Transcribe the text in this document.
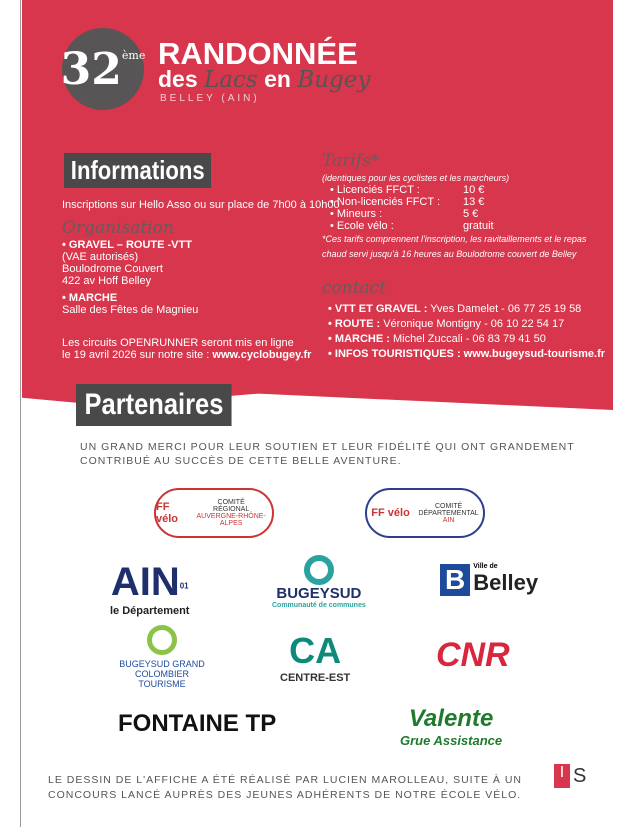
32ème RANDONNÉE
des Lacs en Bugey
BELLEY (AIN)
Informations
Inscriptions sur Hello Asso ou sur place de 7h00 à 10h00
Organisation
• GRAVEL – ROUTE -VTT
(VAE autorisés)
Boulodrome Couvert
422 av Hoff Belley
• MARCHE
Salle des Fêtes de Magnieu
Les circuits OPENRUNNER seront mis en ligne
le 19 avril 2026 sur notre site : www.cyclobugey.fr
Tarifs*
(identiques pour les cyclistes et les marcheurs)
• Licenciés FFCT :	10 €
• Non-licenciés FFCT :	13 €
• Mineurs :	5 €
• Ecole vélo :	gratuit
*Ces tarifs comprennent l'inscription, les ravitaillements et le repas chaud servi jusqu'à 16 heures au Boulodrome couvert de Belley
contact
• VTT ET GRAVEL : Yves Damelet - 06 77 25 19 58
• ROUTE : Véronique Montigny - 06 10 22 54 17
• MARCHE : Michel Zuccali - 06 83 79 41 50
• INFOS TOURISTIQUES : www.bugeysud-tourisme.fr
Partenaires
UN GRAND MERCI POUR LEUR SOUTIEN ET LEUR FIDÉLITÉ QUI ONT GRANDEMENT CONTRIBUÉ AU SUCCÈS DE CETTE BELLE AVENTURE.
FF vélo
COMITÉ
RÉGIONAL
AUVERGNE-RHÔNE-ALPES
FF vélo
COMITÉ
DÉPARTEMENTAL
AIN
AIN$^{01}$
le Département
BUGEYSUD
Communauté de communes
B	Ville de
Belley
BUGEYSUD GRAND COLOMBIER TOURISME
CA
CENTRE-EST
CNR
FONTAINE TP	Valente
Grue Assistance
LE DESSIN DE L'AFFICHE A ÉTÉ RÉALISÉ PAR LUCIEN MAROLLEAU, SUITE À UN CONCOURS LANCÉ AUPRÈS DES JEUNES ADHÉRENTS DE NOTRE ÉCOLE VÉLO.
I S
